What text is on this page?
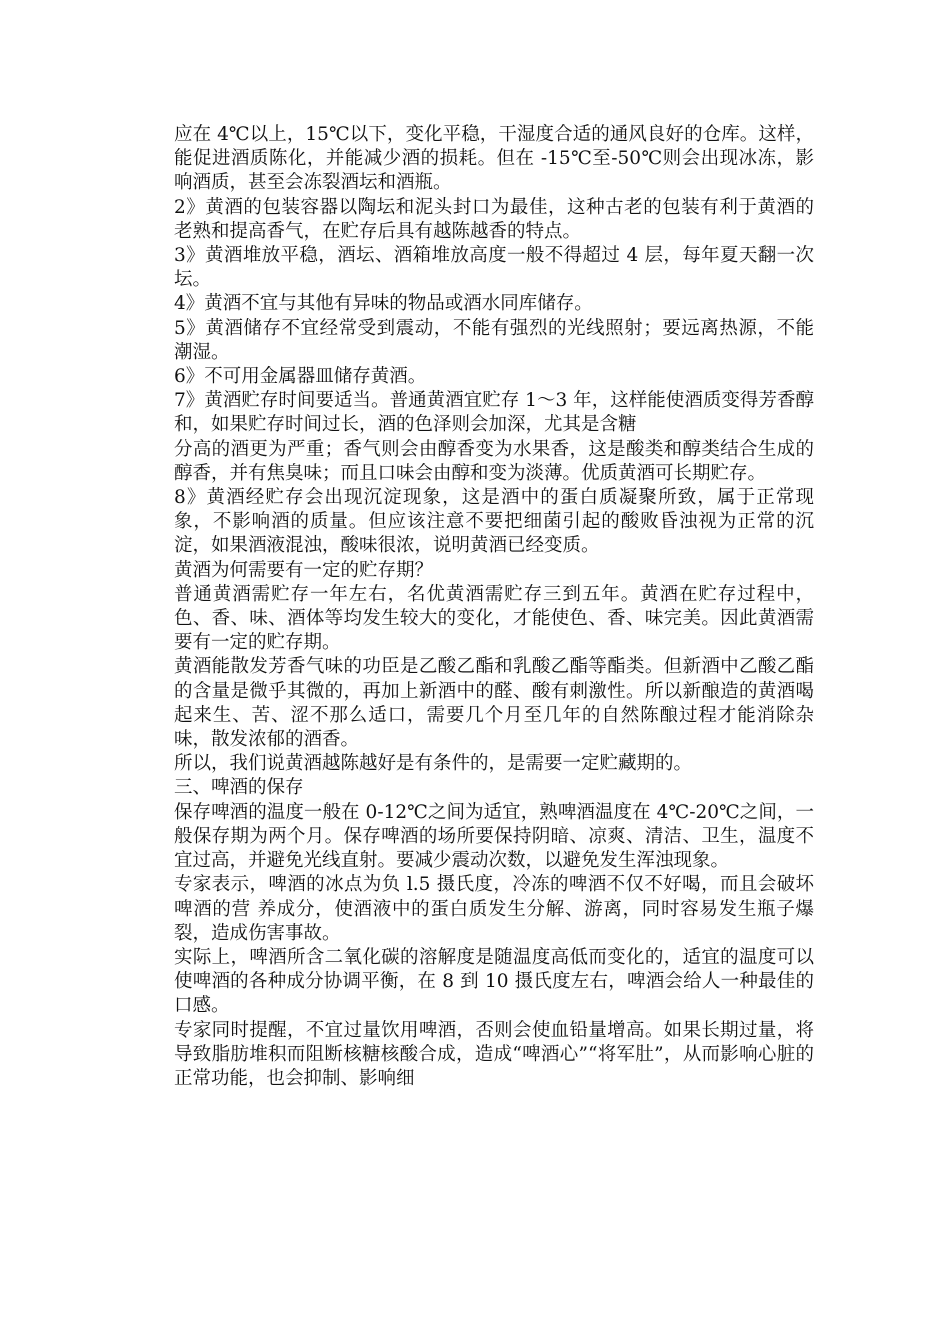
应在 4℃以上，15℃以下，变化平稳，干湿度合适的通风良好的仓库。这样，能促进酒质陈化，并能减少酒的损耗。但在 -15℃至-50℃则会出现冰冻，影响酒质，甚至会冻裂酒坛和酒瓶。

2》黄酒的包装容器以陶坛和泥头封口为最佳，这种古老的包装有利于黄酒的老熟和提高香气，在贮存后具有越陈越香的特点。

3》黄酒堆放平稳，酒坛、酒箱堆放高度一般不得超过 4 层，每年夏天翻一次坛。

4》黄酒不宜与其他有异味的物品或酒水同库储存。

5》黄酒储存不宜经常受到震动，不能有强烈的光线照射；要远离热源，不能潮湿。

6》不可用金属器皿储存黄酒。

7》黄酒贮存时间要适当。普通黄酒宜贮存 1～3 年，这样能使酒质变得芳香醇和，如果贮存时间过长，酒的色泽则会加深，尤其是含糖

分高的酒更为严重；香气则会由醇香变为水果香，这是酸类和醇类结合生成的醇香，并有焦臭味；而且口味会由醇和变为淡薄。优质黄酒可长期贮存。

8》黄酒经贮存会出现沉淀现象，这是酒中的蛋白质凝聚所致，属于正常现象，不影响酒的质量。但应该注意不要把细菌引起的酸败昏浊视为正常的沉淀，如果酒液混浊，酸味很浓，说明黄酒已经变质。

黄酒为何需要有一定的贮存期？

普通黄酒需贮存一年左右，名优黄酒需贮存三到五年。黄酒在贮存过程中，色、香、味、酒体等均发生较大的变化，才能使色、香、味完美。因此黄酒需要有一定的贮存期。

黄酒能散发芳香气味的功臣是乙酸乙酯和乳酸乙酯等酯类。但新酒中乙酸乙酯的含量是微乎其微的，再加上新酒中的醛、酸有刺激性。所以新酿造的黄酒喝起来生、苦、涩不那么适口，需要几个月至几年的自然陈酿过程才能消除杂味，散发浓郁的酒香。

所以，我们说黄酒越陈越好是有条件的，是需要一定贮藏期的。

三、啤酒的保存

保存啤酒的温度一般在 0-12℃之间为适宜，熟啤酒温度在 4℃-20℃之间，一般保存期为两个月。保存啤酒的场所要保持阴暗、凉爽、清洁、卫生，温度不宜过高，并避免光线直射。要减少震动次数，以避免发生浑浊现象。

专家表示，啤酒的冰点为负 l.5 摄氏度，冷冻的啤酒不仅不好喝，而且会破坏啤酒的营 养成分，使酒液中的蛋白质发生分解、游离，同时容易发生瓶子爆裂，造成伤害事故。

实际上，啤酒所含二氧化碳的溶解度是随温度高低而变化的，适宜的温度可以使啤酒的各种成分协调平衡，在 8 到 10 摄氏度左右，啤酒会给人一种最佳的口感。

专家同时提醒，不宜过量饮用啤酒，否则会使血铅量增高。如果长期过量，将导致脂肪堆积而阻断核糖核酸合成，造成“啤酒心”“将军肚”，从而影响心脏的正常功能，也会抑制、影响细
